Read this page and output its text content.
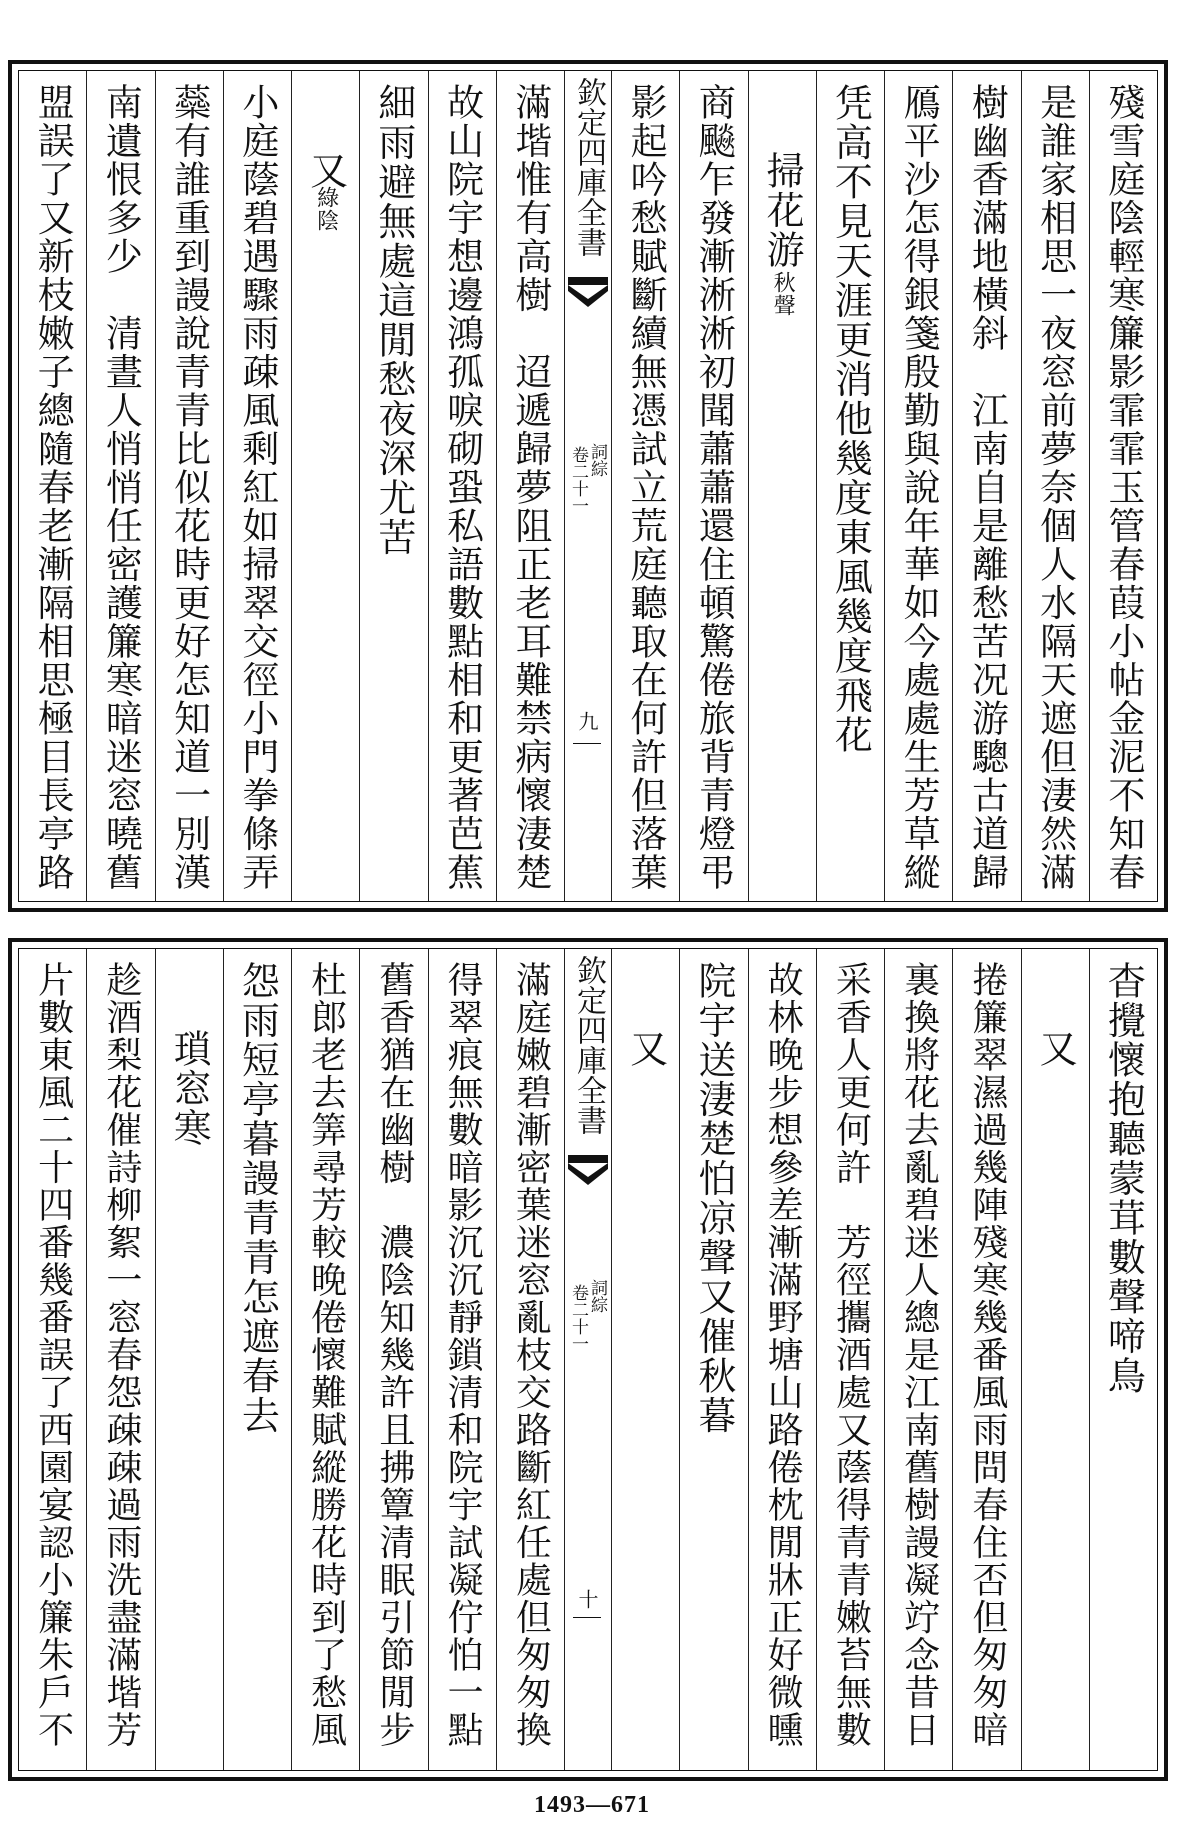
殘雪庭陰輕寒簾影霏霏玉管春葭小帖金泥不知春
是誰家相思一夜窓前夢奈個人水隔天遮但淒然滿
樹幽香滿地橫斜　江南自是離愁苦况游驄古道歸
鴈平沙怎得銀箋殷勤與說年華如今處處生芳草縱
凭高不見天涯更消他幾度東風幾度飛花
掃花游
秋聲
商飈乍發漸淅淅初聞蕭蕭還住頓驚倦旅背青燈弔
影起吟愁賦斷續無憑試立荒庭聽取在何許但落葉
欽定四庫全書
詞綜
卷二十一
九
滿堦惟有高樹　迢遞歸夢阻正老耳難禁病懷淒楚
故山院宇想邊鴻孤唳砌蛩私語數點相和更著芭蕉
細雨避無處這閒愁夜深尤苦
又
綠陰
小庭蔭碧遇驟雨疎風剩紅如掃翠交徑小門拳條弄
蘂有誰重到謾說青青比似花時更好怎知道一別漢
南遺恨多少　清晝人悄悄任密護簾寒暗迷窓曉舊
盟誤了又新枝嫩子總隨春老漸隔相思極目長亭路
杳攪懷抱聽蒙茸數聲啼鳥
又
捲簾翠濕過幾陣殘寒幾番風雨問春住否但匆匆暗
裏換將花去亂碧迷人總是江南舊樹謾凝竚念昔日
采香人更何許　芳徑攜酒處又蔭得青青嫩苔無數
故林晚步想參差漸滿野塘山路倦枕閒牀正好微曛
院宇送淒楚怕凉聲又催秋暮
又
欽定四庫全書
詞綜
卷二十一
十
滿庭嫩碧漸密葉迷窓亂枝交路斷紅任處但匆匆換
得翠痕無數暗影沉沉靜鎖清和院宇試凝佇怕一點
舊香猶在幽樹　濃陰知幾許且拂簟清眠引節閒步
杜郎老去筭尋芳較晚倦懷難賦縱勝花時到了愁風
怨雨短亭暮謾青青怎遮春去
瑣窓寒
趁酒梨花催詩柳絮一窓春怨疎疎過雨洗盡滿堦芳
片數東風二十四番幾番誤了西園宴認小簾朱戶不
1493—671
